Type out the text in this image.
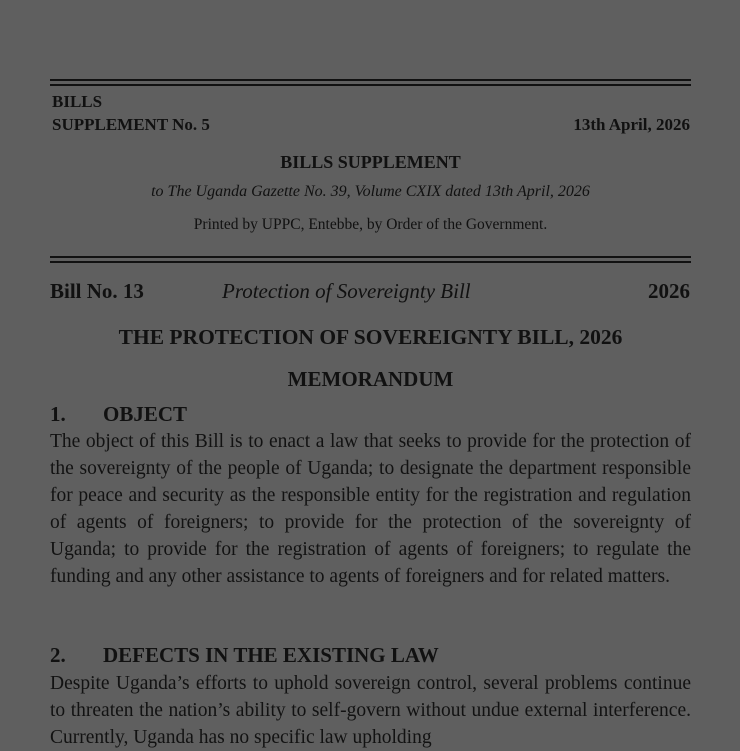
BILLS
SUPPLEMENT No. 5	13th April, 2026
BILLS SUPPLEMENT
to The Uganda Gazette No. 39, Volume CXIX dated 13th April, 2026
Printed by UPPC, Entebbe, by Order of the Government.
Bill No. 13	Protection of Sovereignty Bill	2026
THE PROTECTION OF SOVEREIGNTY BILL, 2026
MEMORANDUM
1. OBJECT
The object of this Bill is to enact a law that seeks to provide for the protection of the sovereignty of the people of Uganda; to designate the department responsible for peace and security as the responsible entity for the registration and regulation of agents of foreigners; to provide for the protection of the sovereignty of Uganda; to provide for the registration of agents of foreigners; to regulate the funding and any other assistance to agents of foreigners and for related matters.
2. DEFECTS IN THE EXISTING LAW
Despite Uganda’s efforts to uphold sovereign control, several problems continue to threaten the nation’s ability to self-govern without undue external interference. Currently, Uganda has no specific law upholding
